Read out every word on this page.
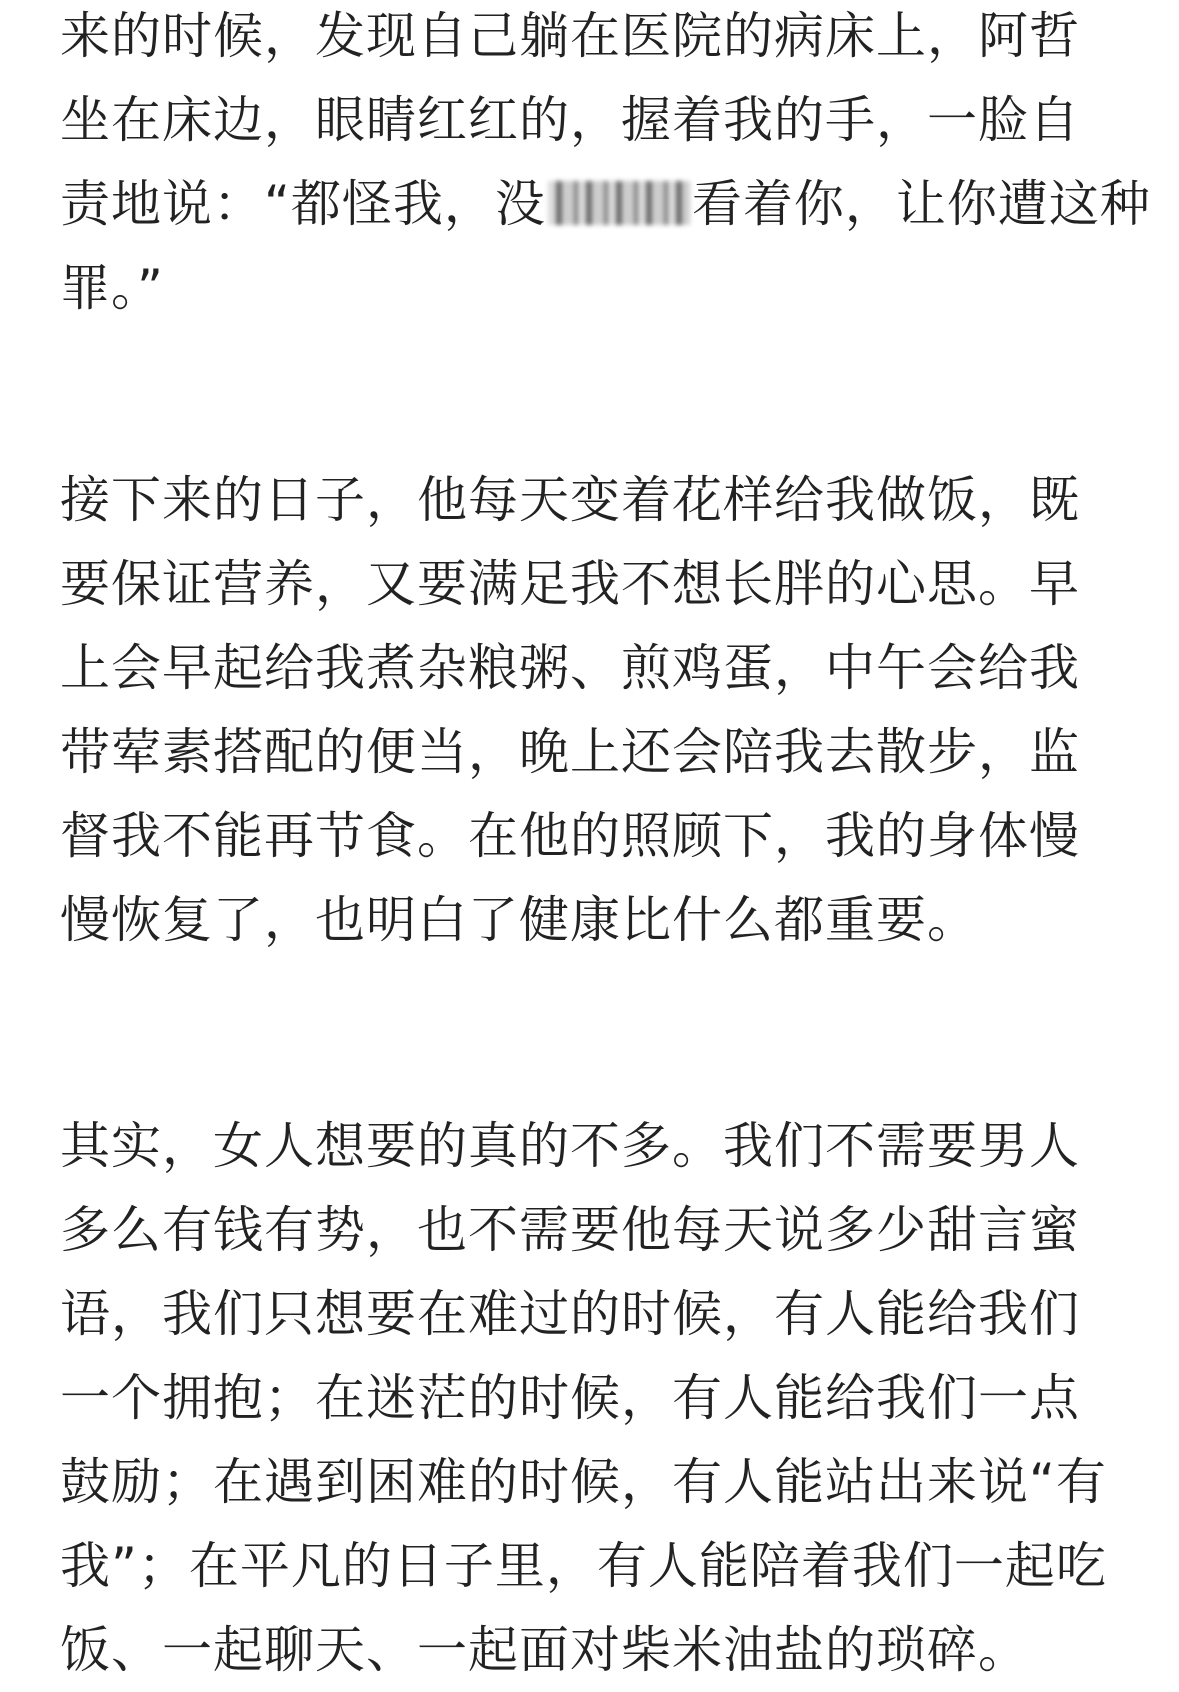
来的时候，发现自己躺在医院的病床上，阿哲
坐在床边，眼睛红红的，握着我的手，一脸自
责地说：“都怪我，没	看着你，让你遭这种
罪。”

接下来的日子，他每天变着花样给我做饭，既
要保证营养，又要满足我不想长胖的心思。早
上会早起给我煮杂粮粥、煎鸡蛋，中午会给我
带荤素搭配的便当，晚上还会陪我去散步，监
督我不能再节食。在他的照顾下，我的身体慢
慢恢复了，也明白了健康比什么都重要。

其实，女人想要的真的不多。我们不需要男人
多么有钱有势，也不需要他每天说多少甜言蜜
语，我们只想要在难过的时候，有人能给我们
一个拥抱；在迷茫的时候，有人能给我们一点
鼓励；在遇到困难的时候，有人能站出来说“有
我”；在平凡的日子里，有人能陪着我们一起吃
饭、一起聊天、一起面对柴米油盐的琐碎。
